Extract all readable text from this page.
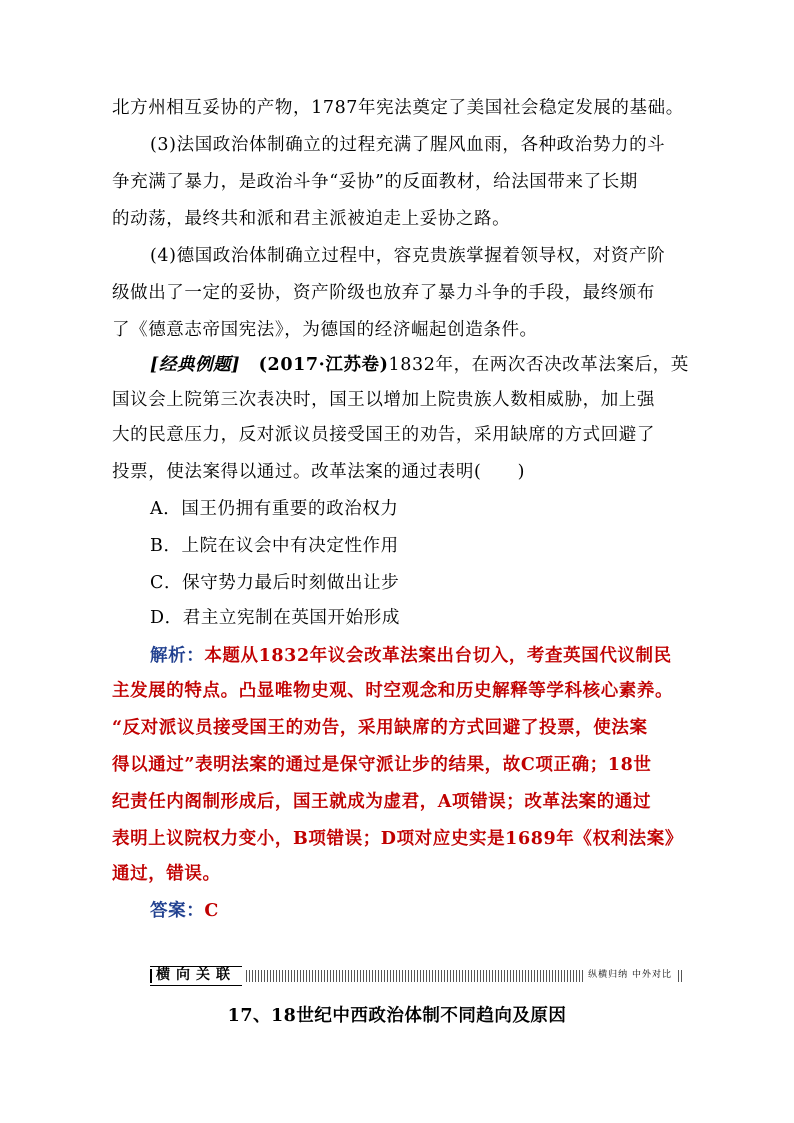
北方州相互妥协的产物，1787年宪法奠定了美国社会稳定发展的基础。
(3)法国政治体制确立的过程充满了腥风血雨，各种政治势力的斗
争充满了暴力，是政治斗争“妥协”的反面教材，给法国带来了长期
的动荡，最终共和派和君主派被迫走上妥协之路。
(4)德国政治体制确立过程中，容克贵族掌握着领导权，对资产阶
级做出了一定的妥协，资产阶级也放弃了暴力斗争的手段，最终颁布
了《德意志帝国宪法》，为德国的经济崛起创造条件。
[经典例题] (2017·江苏卷)1832年，在两次否决改革法案后，英
国议会上院第三次表决时，国王以增加上院贵族人数相威胁，加上强
大的民意压力，反对派议员接受国王的劝告，采用缺席的方式回避了
投票，使法案得以通过。改革法案的通过表明(　　)
A．国王仍拥有重要的政治权力
B．上院在议会中有决定性作用
C．保守势力最后时刻做出让步
D．君主立宪制在英国开始形成
解析：本题从1832年议会改革法案出台切入，考查英国代议制民
主发展的特点。凸显唯物史观、时空观念和历史解释等学科核心素养。
“反对派议员接受国王的劝告，采用缺席的方式回避了投票，使法案
得以通过”表明法案的通过是保守派让步的结果，故C项正确；18世
纪责任内阁制形成后，国王就成为虚君，A项错误；改革法案的通过
表明上议院权力变小，B项错误；D项对应史实是1689年《权利法案》
通过，错误。
答案：C
横向关联	纵横归纳 中外对比
17、18世纪中西政治体制不同趋向及原因
